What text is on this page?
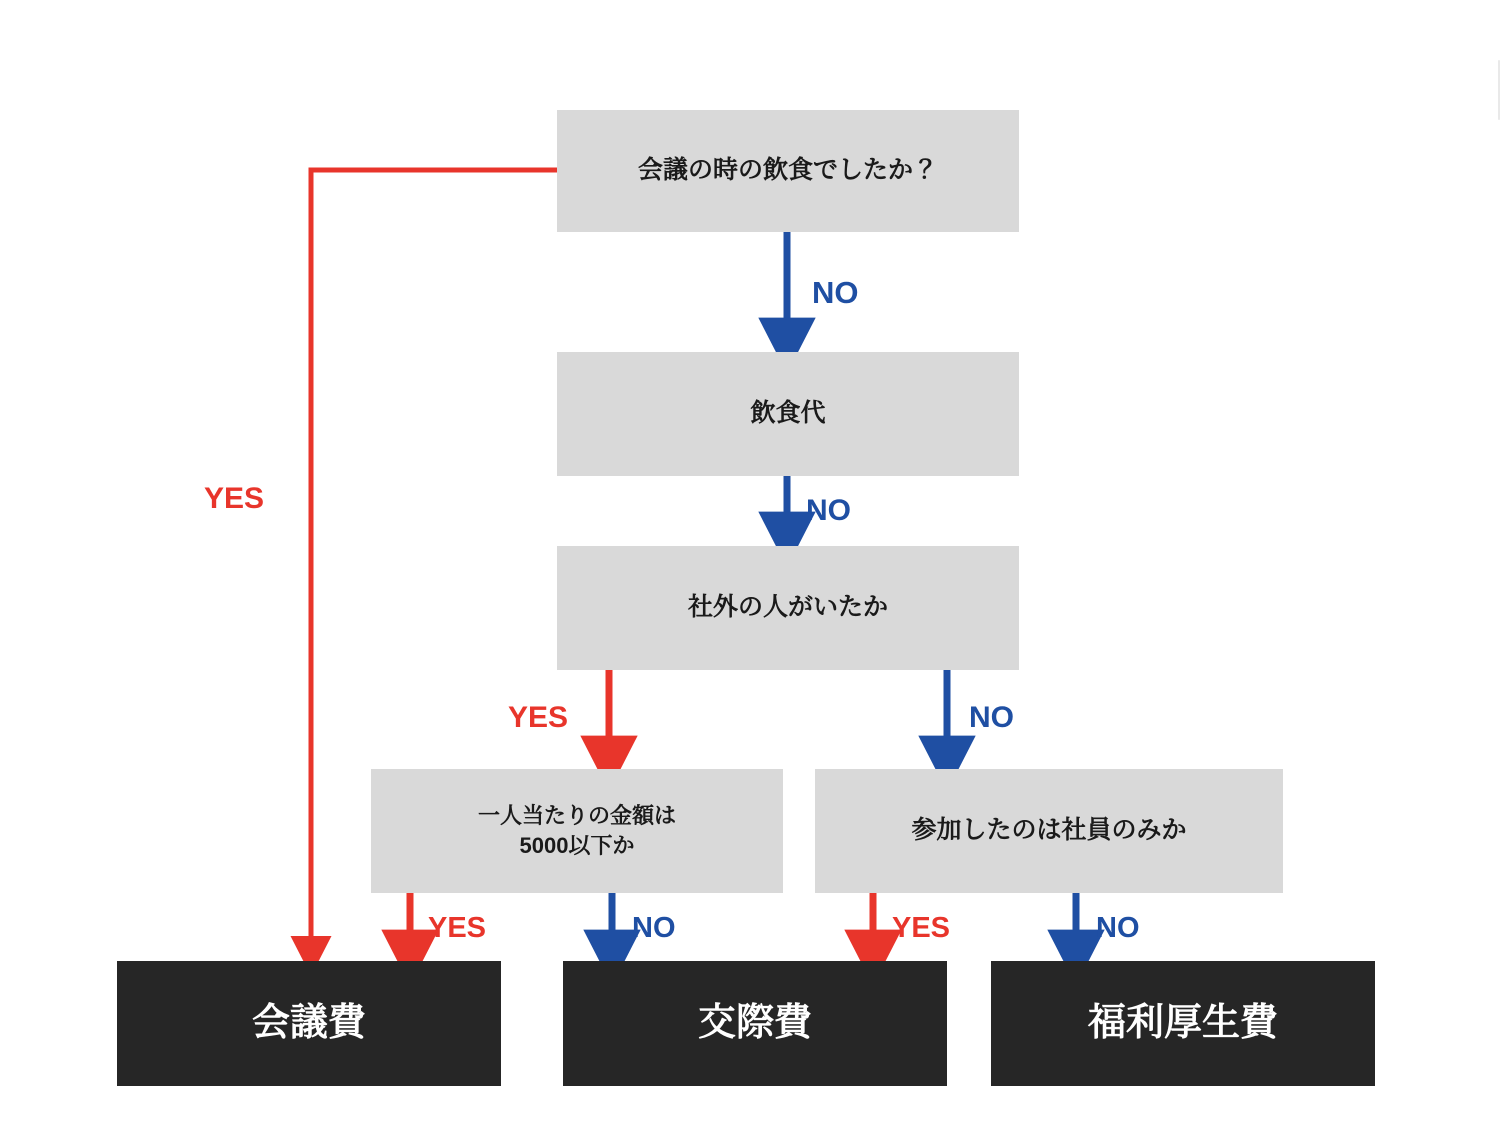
会議の時の飲食でしたか？
飲食代
社外の人がいたか
一人当たりの金額は
5000以下か
参加したのは社員のみか
会議費	交際費	福利厚生費
YES
NO
NO
YES	NO
YES	NO	YES	NO
